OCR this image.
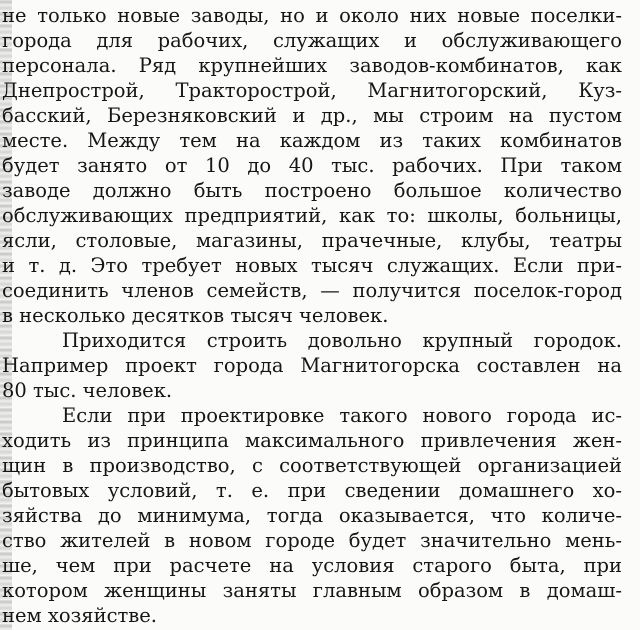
не только новые заводы, но и около них новые поселки-
города для рабочих, служащих и обслуживающего
персонала. Ряд крупнейших заводов-комбинатов, как
Днепрострой, Тракторострой, Магнитогорский, Куз-
басский, Березняковский и др., мы строим на пустом
месте. Между тем на каждом из таких комбинатов
будет занято от 10 до 40 тыс. рабочих. При таком
заводе должно быть построено большое количество
обслуживающих предприятий, как то: школы, больницы,
ясли, столовые, магазины, прачечные, клубы, театры
и т. д. Это требует новых тысяч служащих. Если при-
соединить членов семейств, — получится поселок-город
в несколько десятков тысяч человек.
Приходится строить довольно крупный городок.
Например проект города Магнитогорска составлен на
80 тыс. человек.
Если при проектировке такого нового города ис-
ходить из принципа максимального привлечения жен-
щин в производство, с соответствующей организацией
бытовых условий, т. е. при сведении домашнего хо-
зяйства до минимума, тогда оказывается, что количе-
ство жителей в новом городе будет значительно мень-
ше, чем при расчете на условия старого быта, при
котором женщины заняты главным образом в домаш-
нем хозяйстве.
